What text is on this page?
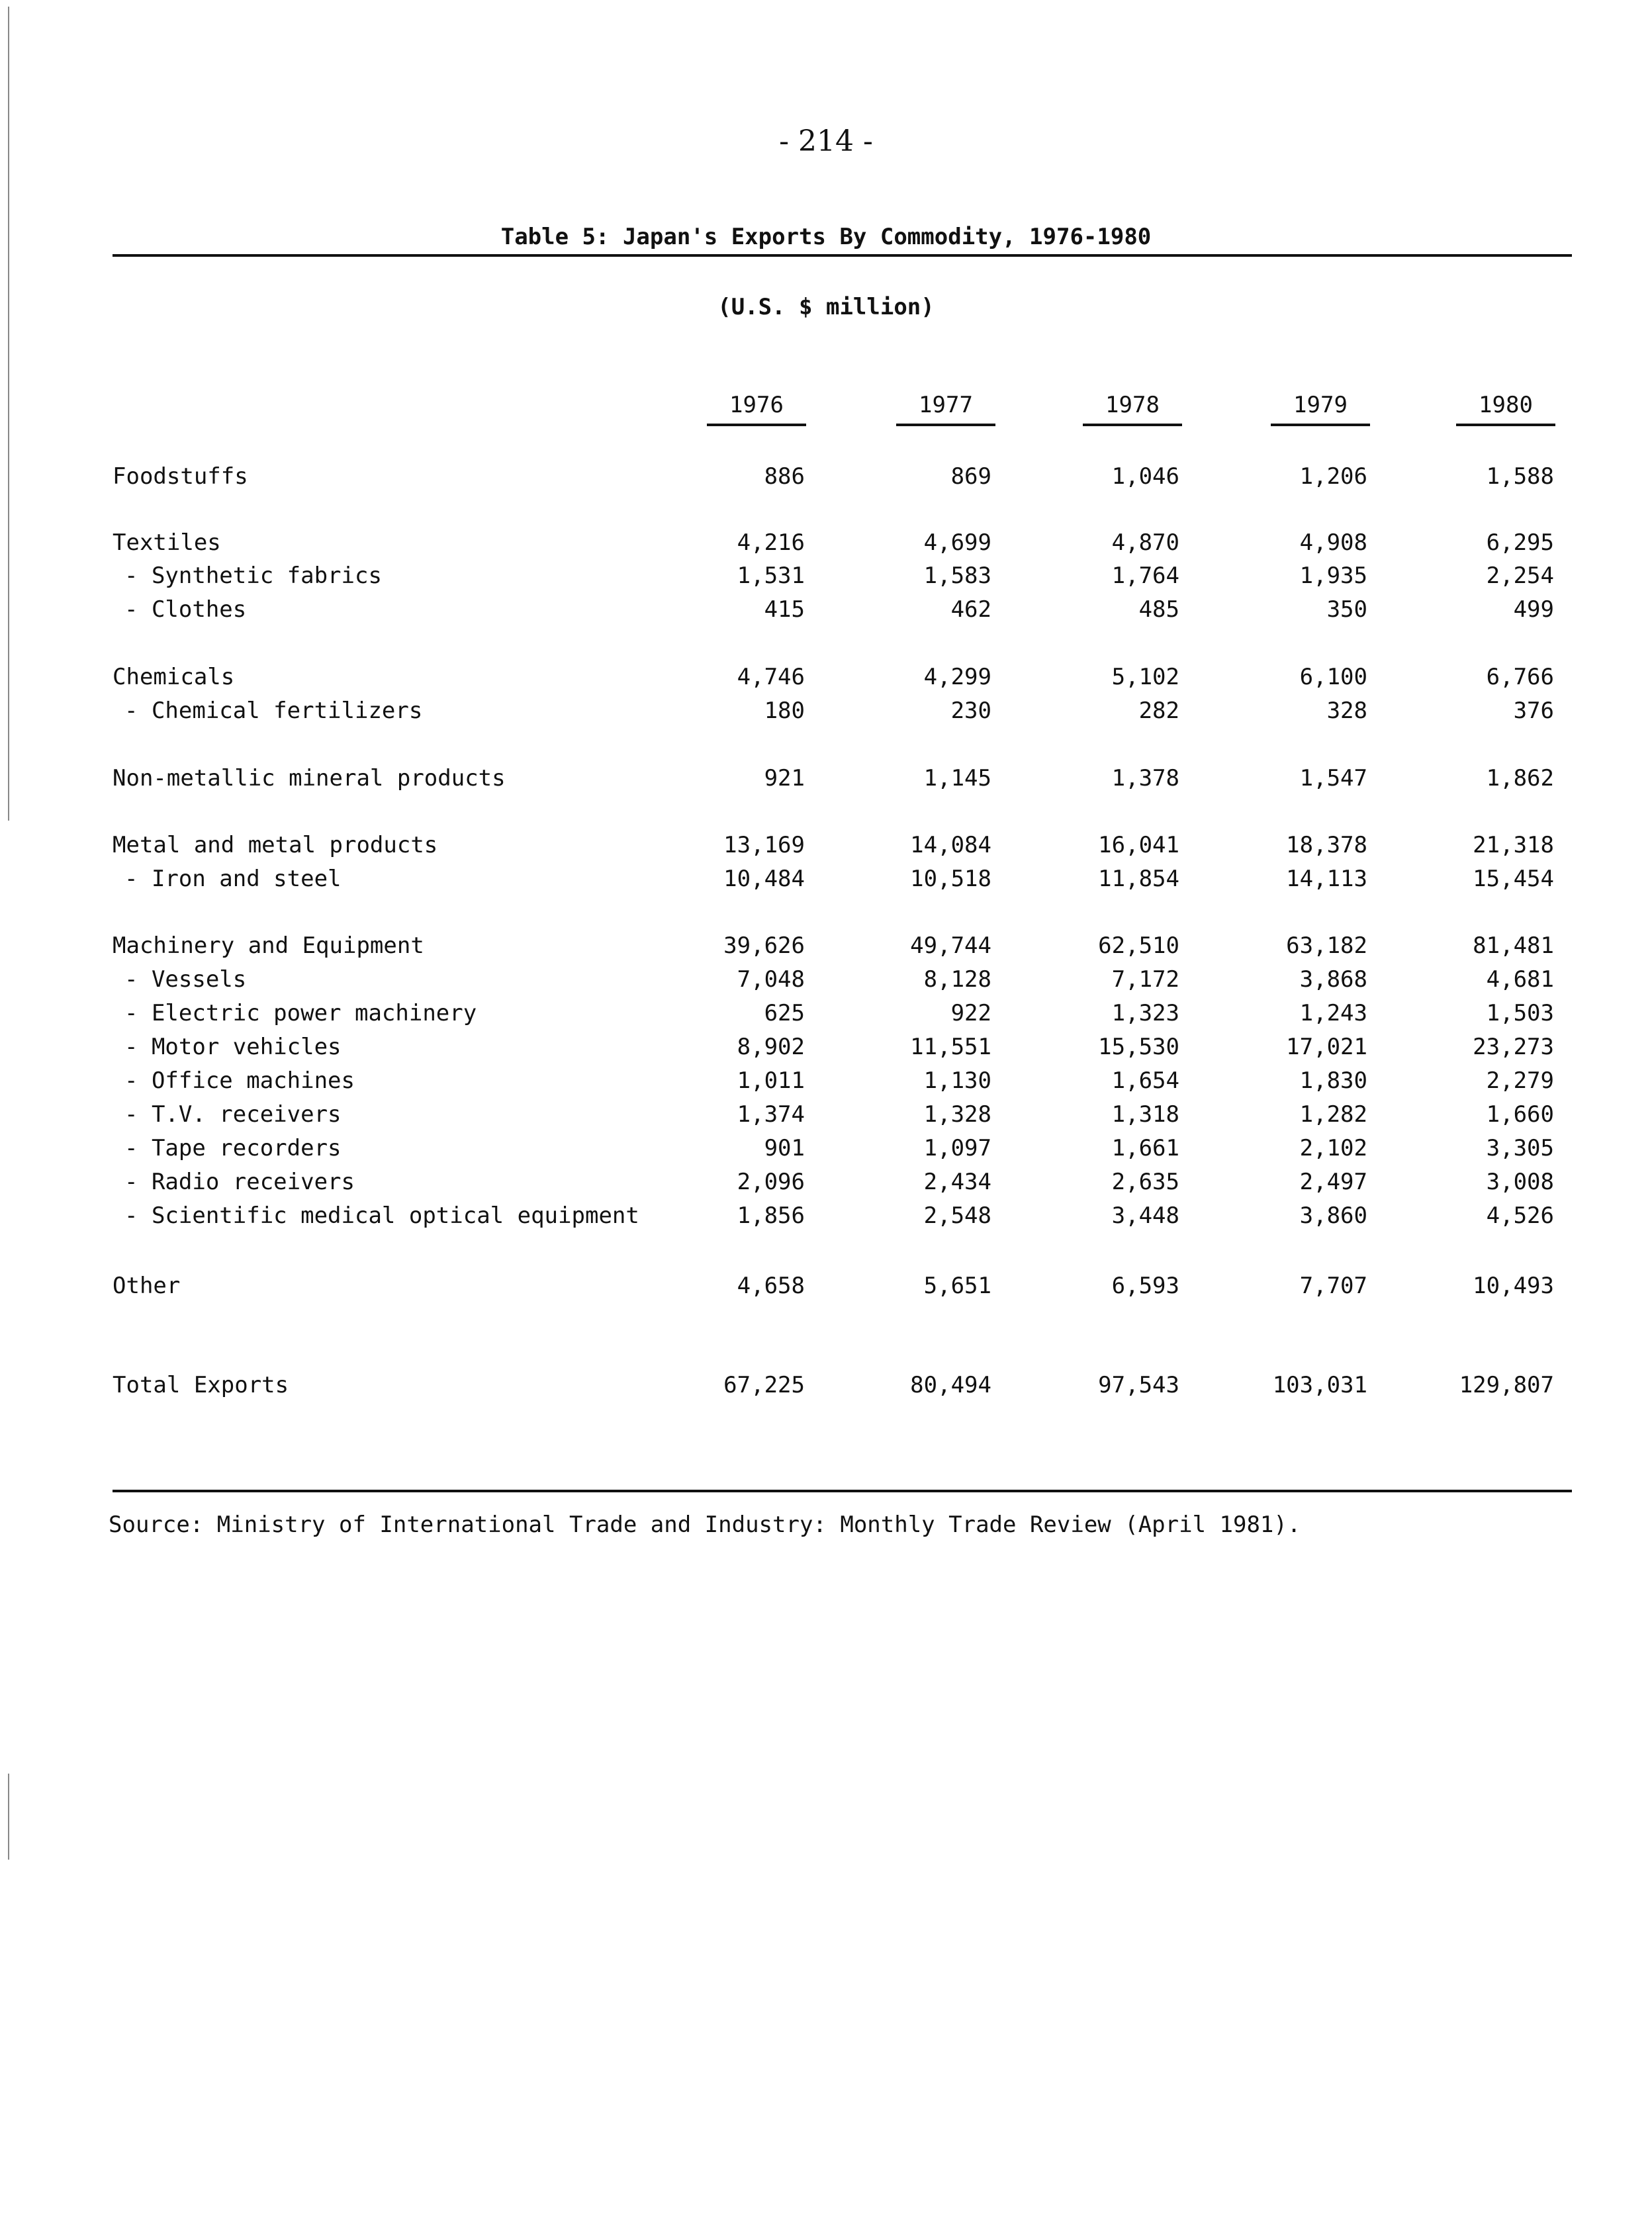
- 214 -
Table 5: Japan's Exports By Commodity, 1976-1980
(U.S. $ million)
1976	1977	1978	1979	1980
Foodstuffs	886	869	1,046	1,206	1,588
Textiles	4,216	4,699	4,870	4,908	6,295
- Synthetic fabrics	1,531	1,583	1,764	1,935	2,254
- Clothes	415	462	485	350	499
Chemicals	4,746	4,299	5,102	6,100	6,766
- Chemical fertilizers	180	230	282	328	376
Non-metallic mineral products	921	1,145	1,378	1,547	1,862
Metal and metal products	13,169	14,084	16,041	18,378	21,318
- Iron and steel	10,484	10,518	11,854	14,113	15,454
Machinery and Equipment	39,626	49,744	62,510	63,182	81,481
- Vessels	7,048	8,128	7,172	3,868	4,681
- Electric power machinery	625	922	1,323	1,243	1,503
- Motor vehicles	8,902	11,551	15,530	17,021	23,273
- Office machines	1,011	1,130	1,654	1,830	2,279
- T.V. receivers	1,374	1,328	1,318	1,282	1,660
- Tape recorders	901	1,097	1,661	2,102	3,305
- Radio receivers	2,096	2,434	2,635	2,497	3,008
- Scientific medical optical equipment	1,856	2,548	3,448	3,860	4,526
Other	4,658	5,651	6,593	7,707	10,493
Total Exports	67,225	80,494	97,543	103,031	129,807
Source: Ministry of International Trade and Industry: Monthly Trade Review (April 1981).
